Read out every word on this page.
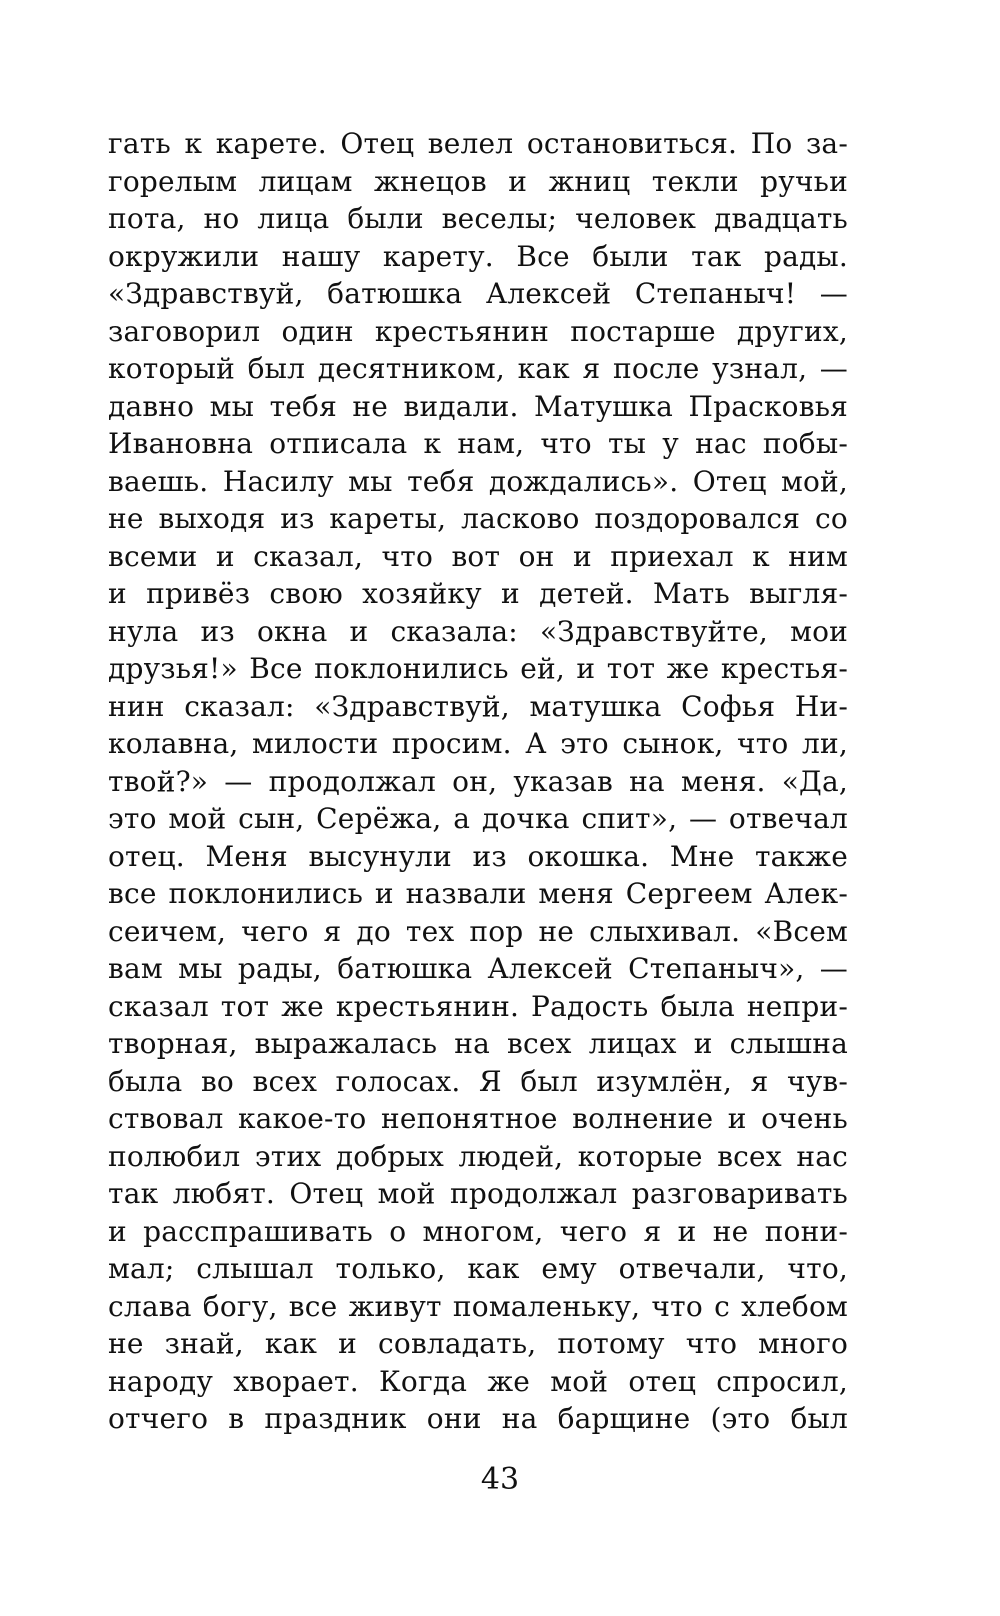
гать к карете. Отец велел остановиться. По за-
горелым лицам жнецов и жниц текли ручьи
пота, но лица были веселы; человек двадцать
окружили нашу карету. Все были так рады.
«Здравствуй, батюшка Алексей Степаныч! —
заговорил один крестьянин постарше других,
который был десятником, как я после узнал, —
давно мы тебя не видали. Матушка Прасковья
Ивановна отписала к нам, что ты у нас побы-
ваешь. Насилу мы тебя дождались». Отец мой,
не выходя из кареты, ласково поздоровался со
всеми и сказал, что вот он и приехал к ним
и привёз свою хозяйку и детей. Мать выгля-
нула из окна и сказала: «Здравствуйте, мои
друзья!» Все поклонились ей, и тот же крестья-
нин сказал: «Здравствуй, матушка Софья Ни-
колавна, милости просим. А это сынок, что ли,
твой?» — продолжал он, указав на меня. «Да,
это мой сын, Серёжа, а дочка спит», — отвечал
отец. Меня высунули из окошка. Мне также
все поклонились и назвали меня Сергеем Алек-
сеичем, чего я до тех пор не слыхивал. «Всем
вам мы рады, батюшка Алексей Степаныч», —
сказал тот же крестьянин. Радость была непри-
творная, выражалась на всех лицах и слышна
была во всех голосах. Я был изумлён, я чув-
ствовал какое-то непонятное волнение и очень
полюбил этих добрых людей, которые всех нас
так любят. Отец мой продолжал разговаривать
и расспрашивать о многом, чего я и не пони-
мал; слышал только, как ему отвечали, что,
слава богу, все живут помаленьку, что с хлебом
не знай, как и совладать, потому что много
народу хворает. Когда же мой отец спросил,
отчего в праздник они на барщине (это был
43
